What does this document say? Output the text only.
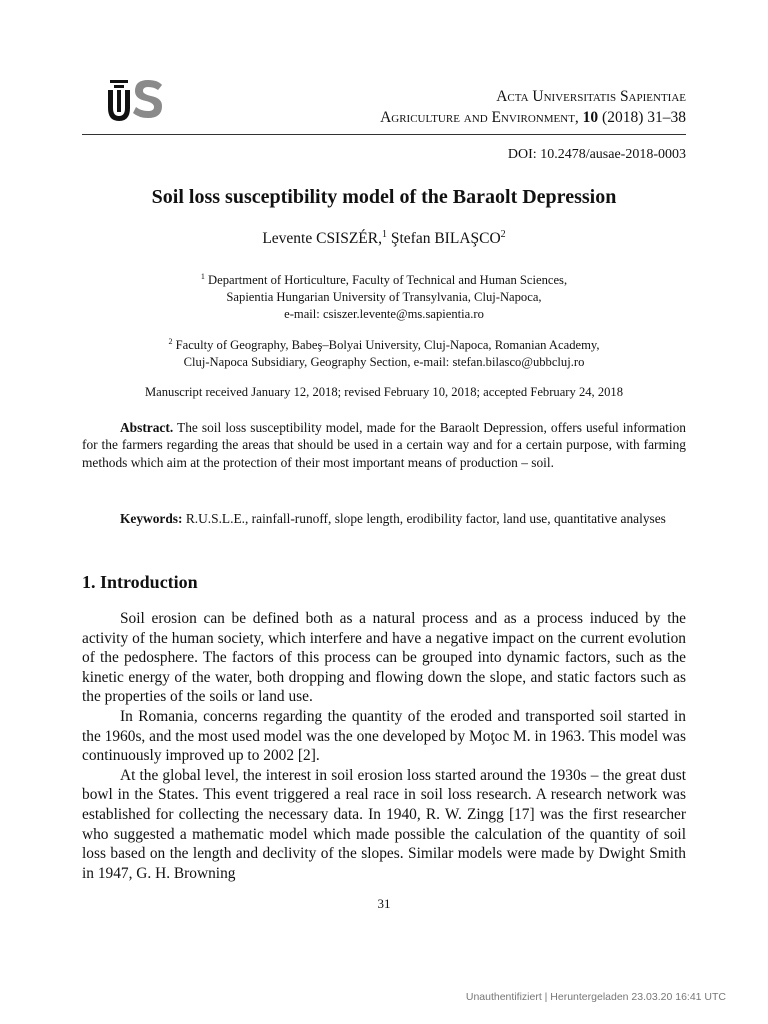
Acta Universitatis Sapientiae
Agriculture and Environment, 10 (2018) 31–38
DOI: 10.2478/ausae-2018-0003
Soil loss susceptibility model of the Baraolt Depression
Levente CSISZÉR,$^1$ Ştefan BILAŞCO$^2$
$^1$ Department of Horticulture, Faculty of Technical and Human Sciences,
Sapientia Hungarian University of Transylvania, Cluj-Napoca,
e-mail: csiszer.levente@ms.sapientia.ro
$^2$ Faculty of Geography, Babeş–Bolyai University, Cluj-Napoca, Romanian Academy,
Cluj-Napoca Subsidiary, Geography Section, e-mail: stefan.bilasco@ubbcluj.ro
Manuscript received January 12, 2018; revised February 10, 2018; accepted February 24, 2018
Abstract. The soil loss susceptibility model, made for the Baraolt Depression, offers useful information for the farmers regarding the areas that should be used in a certain way and for a certain purpose, with farming methods which aim at the protection of their most important means of production – soil.
Keywords: R.U.S.L.E., rainfall-runoff, slope length, erodibility factor, land use, quantitative analyses
1. Introduction

Soil erosion can be defined both as a natural process and as a process induced by the activity of the human society, which interfere and have a negative impact on the current evolution of the pedosphere. The factors of this process can be grouped into dynamic factors, such as the kinetic energy of the water, both dropping and flowing down the slope, and static factors such as the properties of the soils or land use.

In Romania, concerns regarding the quantity of the eroded and transported soil started in the 1960s, and the most used model was the one developed by Moţoc M. in 1963. This model was continuously improved up to 2002 [2].

At the global level, the interest in soil erosion loss started around the 1930s – the great dust bowl in the States. This event triggered a real race in soil loss research. A research network was established for collecting the necessary data. In 1940, R. W. Zingg [17] was the first researcher who suggested a mathematic model which made possible the calculation of the quantity of soil loss based on the length and declivity of the slopes. Similar models were made by Dwight Smith in 1947, G. H. Browning

31
Unauthentifiziert | Heruntergeladen 23.03.20 16:41 UTC
